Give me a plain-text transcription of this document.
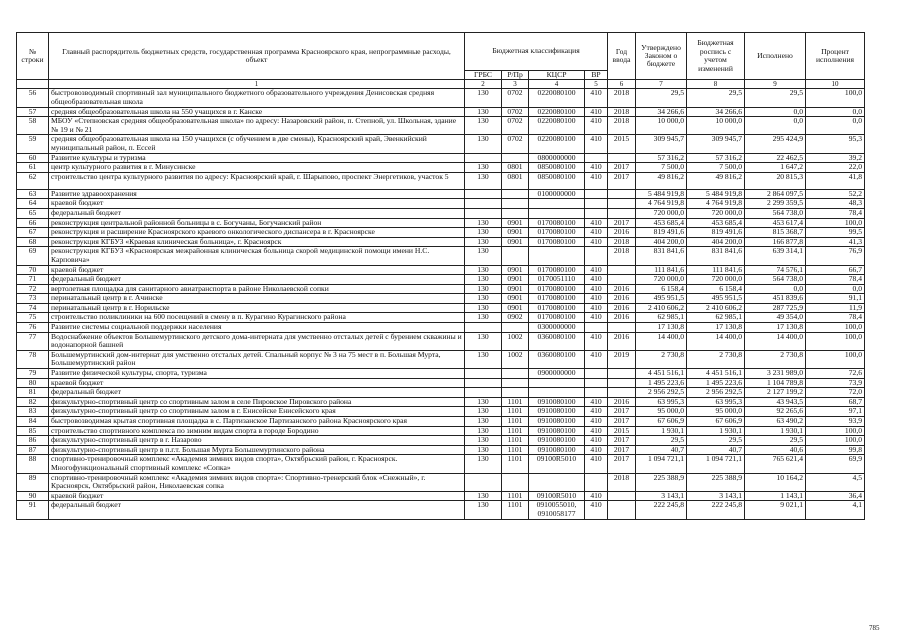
№ строки	Главный распорядитель бюджетных средств, государственная программа Красноярского края, непрограммные расходы, объект	Бюджетная классификация				Год ввода	Утверждено Законом о бюджете	Бюджетная роспись с учетом изменений	Исполнено	Процент исполнения
		ГРБС	Р/Пр	КЦСР	ВР					
	1	2	3	4	5	6	7	8	9	10
56	быстровозводимый спортивный зал муниципального бюджетного образовательного учреждения Денисовская средняя общеобразовательная школа	130	0702	0220080100	410	2018	29,5	29,5	29,5	100,0
57	средняя общеобразовательная школа на 550 учащихся в г. Канске	130	0702	0220080100	410	2018	34 266,6	34 266,6	0,0	0,0
58	МБОУ «Степновская средняя общеобразовательная школа» по адресу: Назаровский район, п. Степной, ул. Школьная, здание № 19 и № 21	130	0702	0220080100	410	2018	10 000,0	10 000,0	0,0	0,0
59	средняя общеобразовательная школа на 150 учащихся (с обучением в две смены), Красноярский край, Эвенкийский муниципальный район, п. Ессей	130	0702	0220080100	410	2015	309 945,7	309 945,7	295 424,9	95,3
60	Развитие культуры и туризма			0800000000			57 316,2	57 316,2	22 462,5	39,2
61	центр культурного развития в г. Минусинске	130	0801	0850080100	410	2017	7 500,0	7 500,0	1 647,2	22,0
62	строительство центра культурного развития по адресу: Красноярский край, г. Шарыпово, проспект Энергетиков, участок 5	130	0801	0850080100	410	2017	49 816,2	49 816,2	20 815,3	41,8
63	Развитие здравоохранения			0100000000			5 484 919,8	5 484 919,8	2 864 097,5	52,2
64	краевой бюджет						4 764 919,8	4 764 919,8	2 299 359,5	48,3
65	федеральный бюджет						720 000,0	720 000,0	564 738,0	78,4
66	реконструкция центральной районной больницы в с. Богучаны, Богучанский район	130	0901	0170080100	410	2017	453 685,4	453 685,4	453 617,4	100,0
67	реконструкция и расширение Красноярского краевого онкологического диспансера в г. Красноярске	130	0901	0170080100	410	2016	819 491,6	819 491,6	815 368,7	99,5
68	реконструкция КГБУЗ «Краевая клиническая больница», г. Красноярск	130	0901	0170080100	410	2018	404 200,0	404 200,0	166 877,8	41,3
69	реконструкция КГБУЗ «Красноярская межрайонная клиническая больница скорой медицинской помощи имени Н.С. Карповича»	130				2018	831 841,6	831 841,6	639 314,1	76,9
70	краевой бюджет	130	0901	0170080100	410		111 841,6	111 841,6	74 576,1	66,7
71	федеральный бюджет	130	0901	0170051110	410		720 000,0	720 000,0	564 738,0	78,4
72	вертолетная площадка для санитарного авиатранспорта в районе Николаевской сопки	130	0901	0170080100	410	2016	6 158,4	6 158,4	0,0	0,0
73	перинатальный центр в г. Ачинске	130	0901	0170080100	410	2016	495 951,5	495 951,5	451 839,6	91,1
74	перинатальный центр в г. Норильске	130	0901	0170080100	410	2016	2 410 606,2	2 410 606,2	287 725,9	11,9
75	строительство поликлиники на 600 посещений в смену в п. Курагино Курагинского района	130	0902	0170080100	410	2016	62 985,1	62 985,1	49 354,0	78,4
76	Развитие системы социальной поддержки населения			0300000000			17 130,8	17 130,8	17 130,8	100,0
77	Водоснабжение объектов Большемуртинского детского дома-интерната для умственно отсталых детей с бурением скважины и водонапорной башней	130	1002	0360080100	410	2016	14 400,0	14 400,0	14 400,0	100,0
78	Большемуртинский дом-интернат для умственно отсталых детей. Спальный корпус № 3 на 75 мест в п. Большая Мурта, Большемуртинский район	130	1002	0360080100	410	2019	2 730,8	2 730,8	2 730,8	100,0
79	Развитие физической культуры, спорта, туризма			0900000000			4 451 516,1	4 451 516,1	3 231 989,0	72,6
80	краевой бюджет						1 495 223,6	1 495 223,6	1 104 789,8	73,9
81	федеральный бюджет						2 956 292,5	2 956 292,5	2 127 199,2	72,0
82	физкультурно-спортивный центр со спортивным залом в селе Пировское Пировского района	130	1101	0910080100	410	2016	63 995,3	63 995,3	43 943,5	68,7
83	физкультурно-спортивный центр со спортивным залом в г. Енисейске Енисейского края	130	1101	0910080100	410	2017	95 000,0	95 000,0	92 265,6	97,1
84	быстровозводимая крытая спортивная площадка в с. Партизанское Партизанского района Красноярского края	130	1101	0910080100	410	2017	67 606,9	67 606,9	63 490,2	93,9
85	строительство спортивного комплекса по зимним видам спорта в городе Бородино	130	1101	0910080100	410	2015	1 930,1	1 930,1	1 930,1	100,0
86	физкультурно-спортивный центр в г. Назарово	130	1101	0910080100	410	2017	29,5	29,5	29,5	100,0
87	физкультурно-спортивный центр в п.г.т. Большая Мурта Большемуртинского района	130	1101	0910080100	410	2017	40,7	40,7	40,6	99,8
88	спортивно-тренировочный комплекс «Академия зимних видов спорта», Октябрьский район, г. Красноярск. Многофункциональный спортивный комплекс «Сопка»	130	1101	09100R5010	410	2017	1 094 721,1	1 094 721,1	765 621,4	69,9
89	спортивно-тренировочный комплекс «Академия зимних видов спорта»: Спортивно-тренерский блок «Снежный», г. Красноярск, Октябрьский район, Николаевская сопка					2018	225 388,9	225 388,9	10 164,2	4,5
90	краевой бюджет	130	1101	09100R5010	410		3 143,1	3 143,1	1 143,1	36,4
91	федеральный бюджет	130	1101	0910055010, 0910058177	410		222 245,8	222 245,8	9 021,1	4,1
785
